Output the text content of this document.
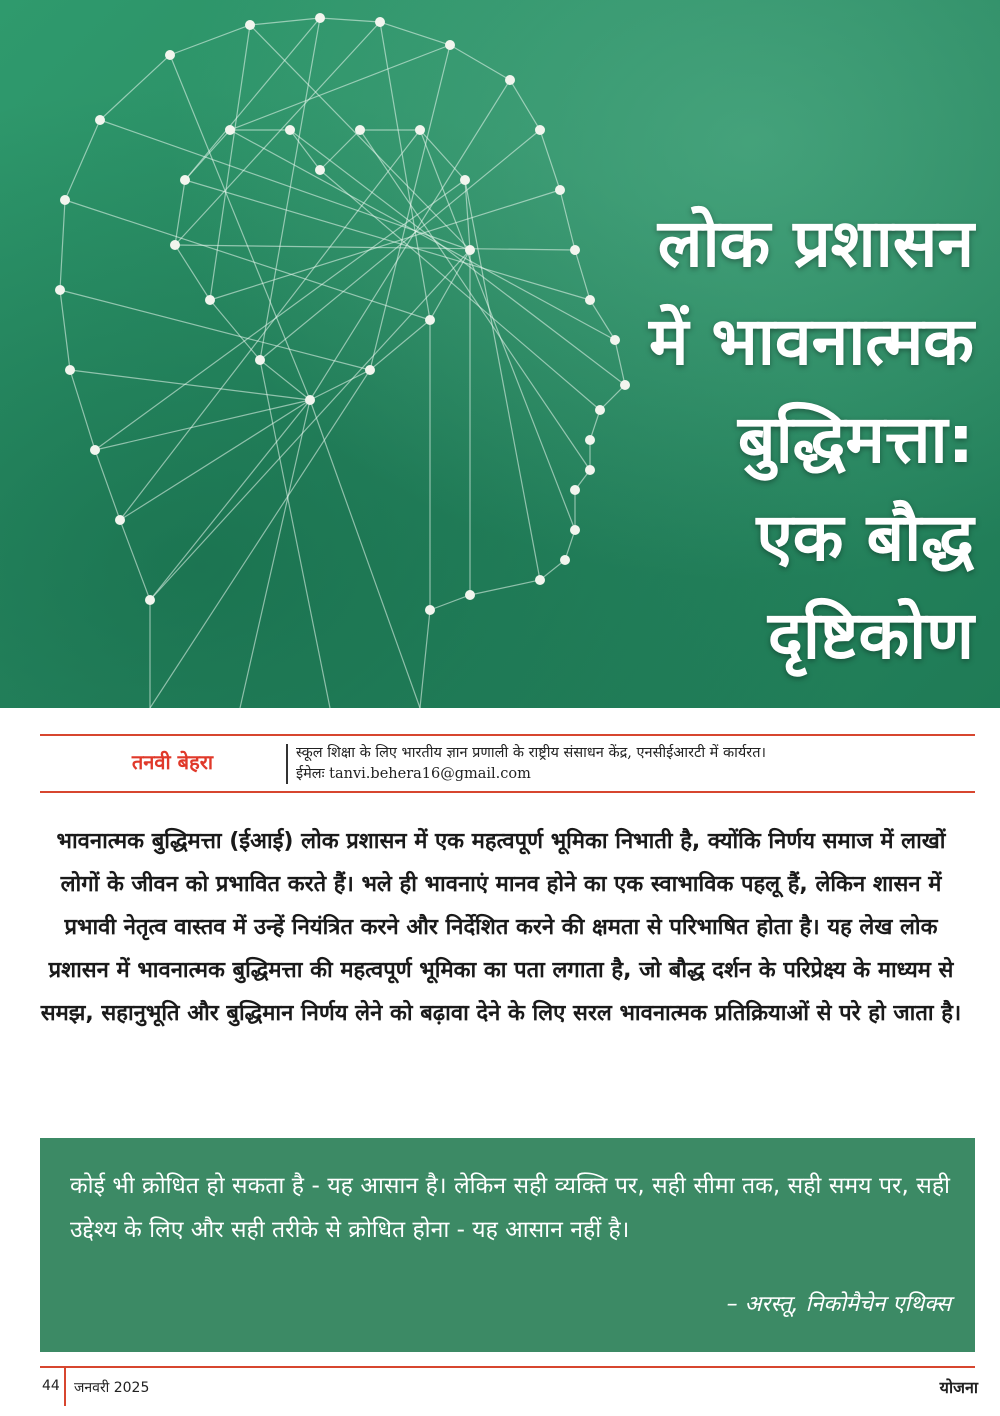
लोक प्रशासन
में भावनात्मक
बुद्धिमत्ता:
एक बौद्ध
दृष्टिकोण
तनवी बेहरा	स्कूल शिक्षा के लिए भारतीय ज्ञान प्रणाली के राष्ट्रीय संसाधन केंद्र, एनसीईआरटी में कार्यरत।
ईमेलः tanvi.behera16@gmail.com
भावनात्मक बुद्धिमत्ता (ईआई) लोक प्रशासन में एक महत्वपूर्ण भूमिका निभाती है, क्योंकि निर्णय समाज में लाखों लोगों के जीवन को प्रभावित करते हैं। भले ही भावनाएं मानव होने का एक स्वाभाविक पहलू हैं, लेकिन शासन में प्रभावी नेतृत्व वास्तव में उन्हें नियंत्रित करने और निर्देशित करने की क्षमता से परिभाषित होता है। यह लेख लोक प्रशासन में भावनात्मक बुद्धिमत्ता की महत्वपूर्ण भूमिका का पता लगाता है, जो बौद्ध दर्शन के परिप्रेक्ष्य के माध्यम से समझ, सहानुभूति और बुद्धिमान निर्णय लेने को बढ़ावा देने के लिए सरल भावनात्मक प्रतिक्रियाओं से परे हो जाता है।
कोई भी क्रोधित हो सकता है - यह आसान है। लेकिन सही व्यक्ति पर, सही सीमा तक, सही समय पर, सही उद्देश्य के लिए और सही तरीके से क्रोधित होना - यह आसान नहीं है।
– अरस्तू, निकोमैचेन एथिक्स
44 जनवरी 2025	योजना
